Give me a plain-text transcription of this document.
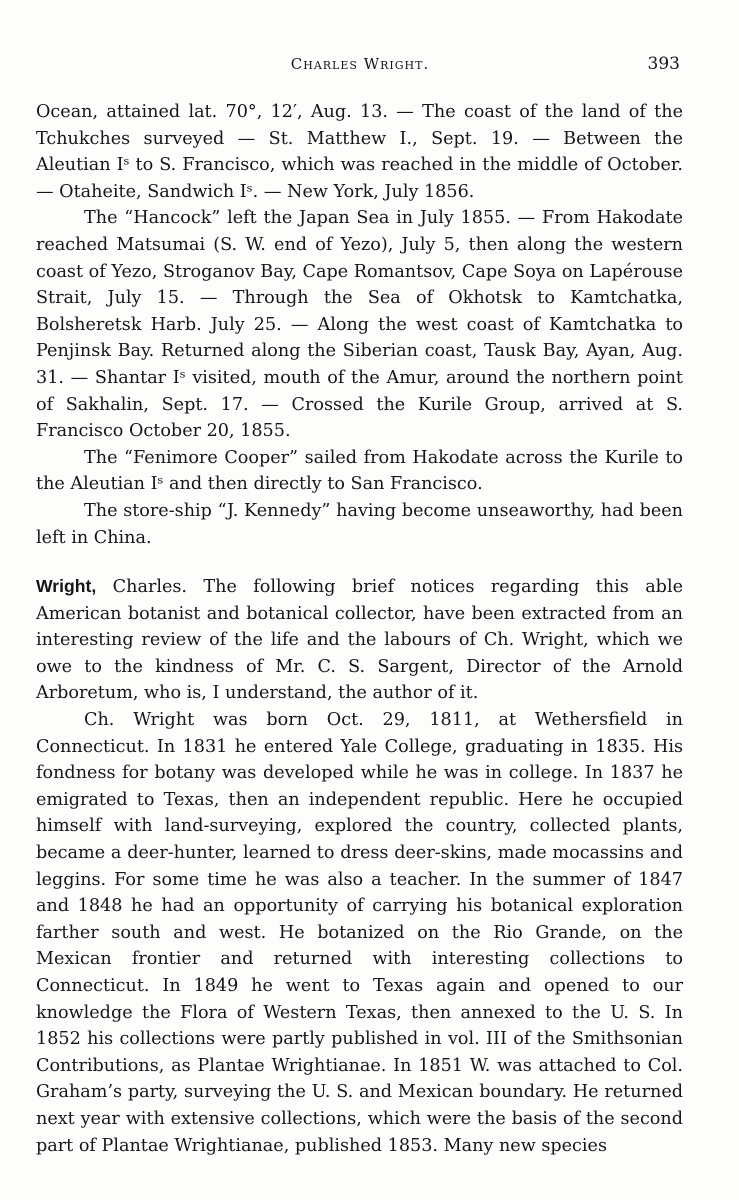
Charles Wright.	393

Ocean, attained lat. 70°, 12′, Aug. 13. — The coast of the land of the Tchukches surveyed — St. Matthew I., Sept. 19. — Between the Aleutian Iˢ to S. Francisco, which was reached in the middle of October. — Otaheite, Sandwich Iˢ. — New York, July 1856.

The “Hancock” left the Japan Sea in July 1855. — From Hakodate reached Matsumai (S. W. end of Yezo), July 5, then along the western coast of Yezo, Stroganov Bay, Cape Romantsov, Cape Soya on Lapérouse Strait, July 15. — Through the Sea of Okhotsk to Kamtchatka, Bolsheretsk Harb. July 25. — Along the west coast of Kamtchatka to Penjinsk Bay. Returned along the Siberian coast, Tausk Bay, Ayan, Aug. 31. — Shantar Iˢ visited, mouth of the Amur, around the northern point of Sakhalin, Sept. 17. — Crossed the Kurile Group, arrived at S. Francisco October 20, 1855.

The “Fenimore Cooper” sailed from Hakodate across the Kurile to the Aleutian Iˢ and then directly to San Francisco.

The store-ship “J. Kennedy” having become unseaworthy, had been left in China.

Wright, Charles. The following brief notices regarding this able American botanist and botanical collector, have been extracted from an interesting review of the life and the labours of Ch. Wright, which we owe to the kindness of Mr. C. S. Sargent, Director of the Arnold Arboretum, who is, I understand, the author of it.

Ch. Wright was born Oct. 29, 1811, at Wethersfield in Connecticut. In 1831 he entered Yale College, graduating in 1835. His fondness for botany was developed while he was in college. In 1837 he emigrated to Texas, then an independent republic. Here he occupied himself with land-surveying, explored the country, collected plants, became a deer-hunter, learned to dress deer-skins, made mocassins and leggins. For some time he was also a teacher. In the summer of 1847 and 1848 he had an opportunity of carrying his botanical exploration farther south and west. He botanized on the Rio Grande, on the Mexican frontier and returned with interesting collections to Connecticut. In 1849 he went to Texas again and opened to our knowledge the Flora of Western Texas, then annexed to the U. S. In 1852 his collections were partly published in vol. III of the Smithsonian Contributions, as Plantae Wrightianae. In 1851 W. was attached to Col. Graham’s party, surveying the U. S. and Mexican boundary. He returned next year with extensive collections, which were the basis of the second part of Plantae Wrightianae, published 1853. Many new species
